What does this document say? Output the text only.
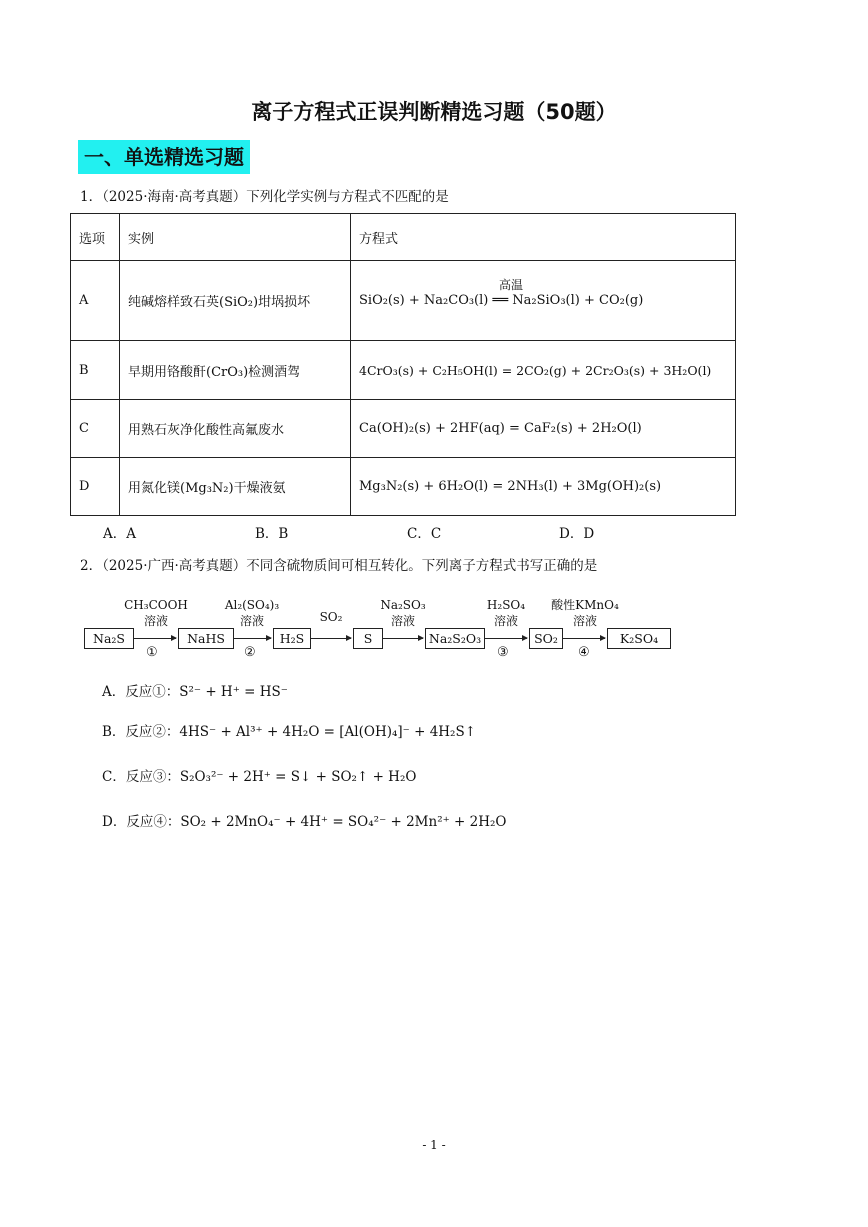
离子方程式正误判断精选习题（50题）
一、单选精选习题
1．（2025·海南·高考真题）下列化学实例与方程式不匹配的是
选项	实例	方程式
A	纯碱熔样致石英(SiO₂)坩埚损坏	高温
SiO₂(s) + Na₂CO₃(l) ══ Na₂SiO₃(l) + CO₂(g)

B	早期用铬酸酐(CrO₃)检测酒驾	4CrO₃(s) + C₂H₅OH(l) = 2CO₂(g) + 2Cr₂O₃(s) + 3H₂O(l)
C	用熟石灰净化酸性高氟废水	Ca(OH)₂(s) + 2HF(aq) = CaF₂(s) + 2H₂O(l)
D	用氮化镁(Mg₃N₂)干燥液氨	Mg₃N₂(s) + 6H₂O(l) = 2NH₃(l) + 3Mg(OH)₂(s)
A．A	B．B	C．C	D．D
2．（2025·广西·高考真题）不同含硫物质间可相互转化。下列离子方程式书写正确的是
Na₂S
CH₃COOH
溶液
①
NaHS
Al₂(SO₄)₃
溶液
②
H₂S
SO₂
S
Na₂SO₃
溶液
Na₂S₂O₃
H₂SO₄
溶液
③
SO₂
酸性KMnO₄
溶液
④
K₂SO₄
A．反应①：S²⁻ + H⁺ = HS⁻
B．反应②：4HS⁻ + Al³⁺ + 4H₂O = [Al(OH)₄]⁻ + 4H₂S↑
C．反应③：S₂O₃²⁻ + 2H⁺ = S↓ + SO₂↑ + H₂O
D．反应④：SO₂ + 2MnO₄⁻ + 4H⁺ = SO₄²⁻ + 2Mn²⁺ + 2H₂O
- 1 -
